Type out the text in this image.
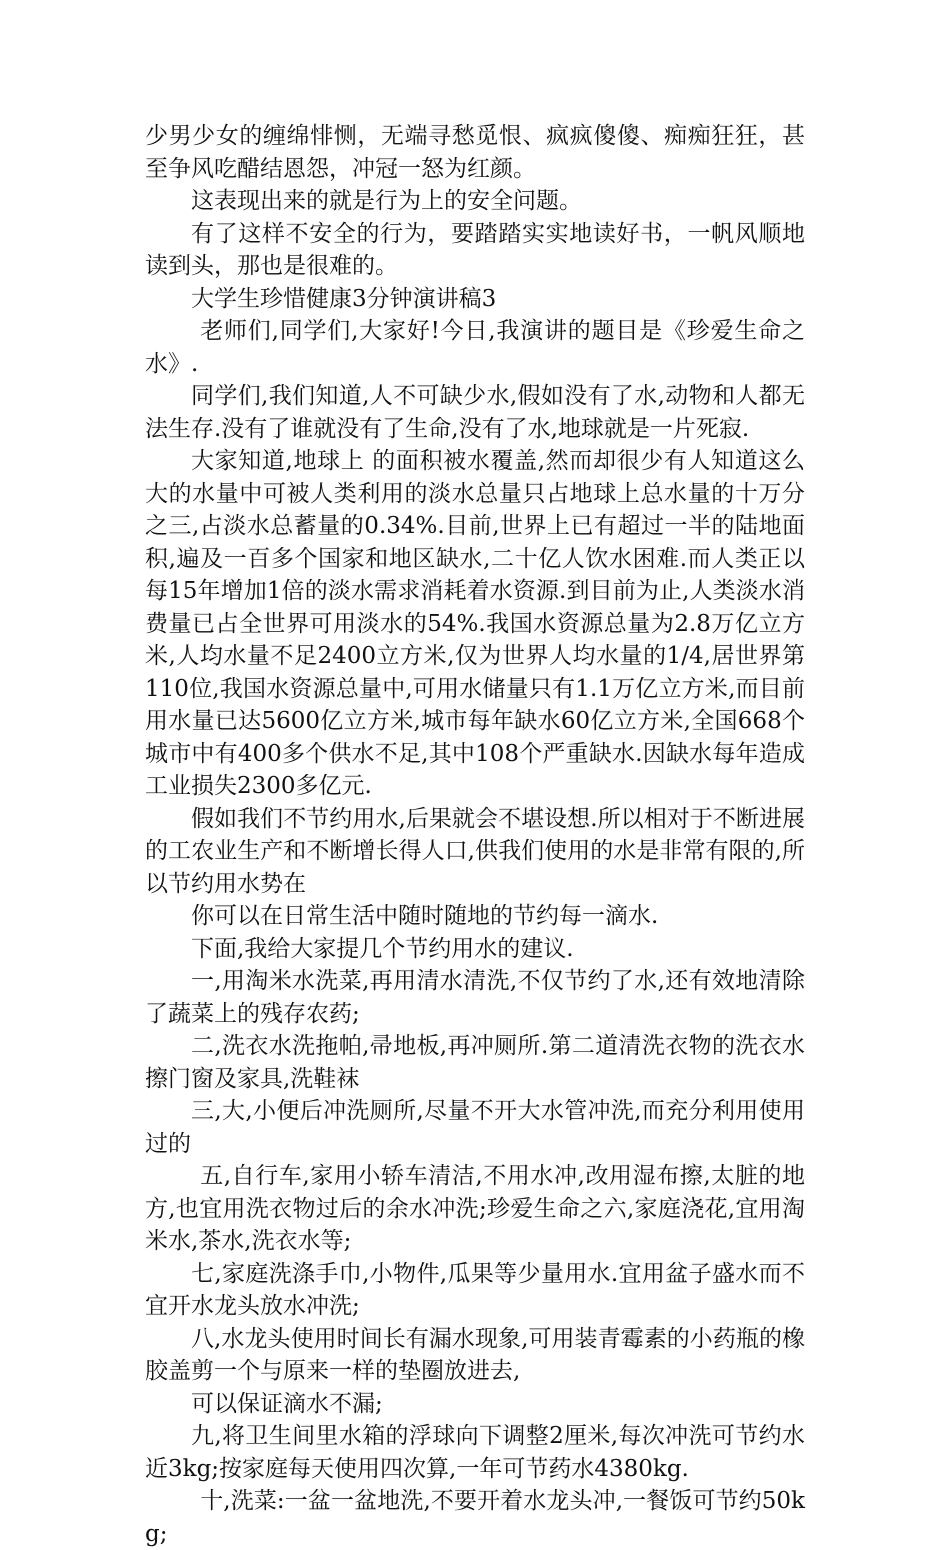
少男少女的缠绵悱恻，无端寻愁觅恨、疯疯傻傻、痴痴狂狂，甚至争风吃醋结恩怨，冲冠一怒为红颜。

这表现出来的就是行为上的安全问题。

有了这样不安全的行为，要踏踏实实地读好书，一帆风顺地读到头，那也是很难的。

大学生珍惜健康3分钟演讲稿3

老师们,同学们,大家好!今日,我演讲的题目是《珍爱生命之水》.

同学们,我们知道,人不可缺少水,假如没有了水,动物和人都无法生存.没有了谁就没有了生命,没有了水,地球就是一片死寂.

大家知道,地球上 的面积被水覆盖,然而却很少有人知道这么大的水量中可被人类利用的淡水总量只占地球上总水量的十万分之三,占淡水总蓄量的0.34%.目前,世界上已有超过一半的陆地面积,遍及一百多个国家和地区缺水,二十亿人饮水困难.而人类正以每15年增加1倍的淡水需求消耗着水资源.到目前为止,人类淡水消费量已占全世界可用淡水的54%.我国水资源总量为2.8万亿立方米,人均水量不足2400立方米,仅为世界人均水量的1/4,居世界第110位,我国水资源总量中,可用水储量只有1.1万亿立方米,而目前用水量已达5600亿立方米,城市每年缺水60亿立方米,全国668个城市中有400多个供水不足,其中108个严重缺水.因缺水每年造成工业损失2300多亿元.

假如我们不节约用水,后果就会不堪设想.所以相对于不断进展的工农业生产和不断增长得人口,供我们使用的水是非常有限的,所以节约用水势在

你可以在日常生活中随时随地的节约每一滴水.

下面,我给大家提几个节约用水的建议.

一,用淘米水洗菜,再用清水清洗,不仅节约了水,还有效地清除了蔬菜上的残存农药;

二,洗衣水洗拖帕,帚地板,再冲厕所.第二道清洗衣物的洗衣水擦门窗及家具,洗鞋袜

三,大,小便后冲洗厕所,尽量不开大水管冲洗,而充分利用使用过的

五,自行车,家用小轿车清洁,不用水冲,改用湿布擦,太脏的地方,也宜用洗衣物过后的余水冲洗;珍爱生命之六,家庭浇花,宜用淘米水,茶水,洗衣水等;

七,家庭洗涤手巾,小物件,瓜果等少量用水.宜用盆子盛水而不宜开水龙头放水冲洗;

八,水龙头使用时间长有漏水现象,可用装青霉素的小药瓶的橡胶盖剪一个与原来一样的垫圈放进去,

可以保证滴水不漏;

九,将卫生间里水箱的浮球向下调整2厘米,每次冲洗可节约水近3kg;按家庭每天使用四次算,一年可节药水4380kg.

十,洗菜:一盆一盆地洗,不要开着水龙头冲,一餐饭可节约50kg;
